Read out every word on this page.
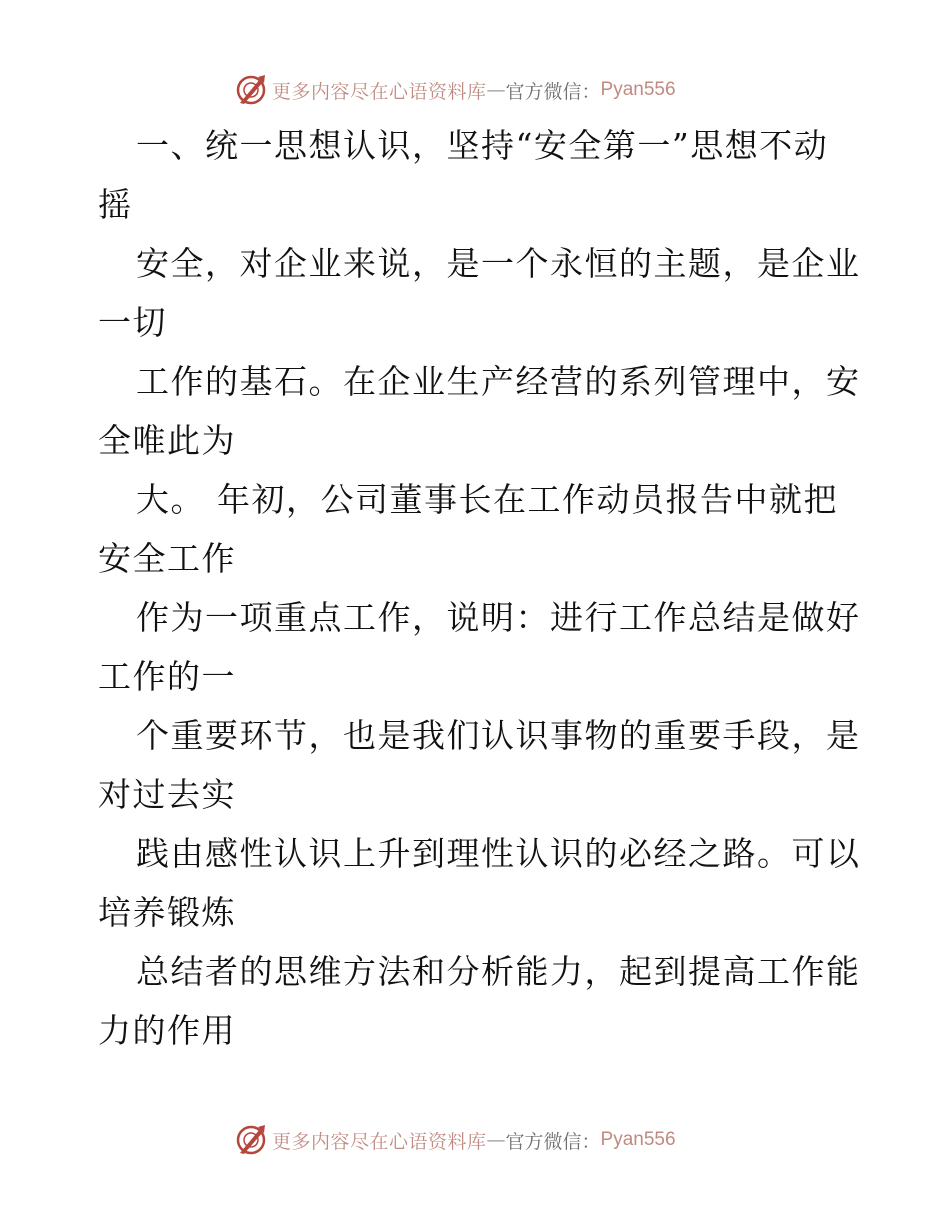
更多内容尽在心语资料库 — 官方微信： Pyan556
一、统一思想认识，坚持“安全第一”思想不动
摇
安全，对企业来说，是一个永恒的主题，是企业
一切
工作的基石。在企业生产经营的系列管理中，安
全唯此为
大。 年初，公司董事长在工作动员报告中就把
安全工作
作为一项重点工作，说明：进行工作总结是做好
工作的一
个重要环节，也是我们认识事物的重要手段，是
对过去实
践由感性认识上升到理性认识的必经之路。可以
培养锻炼
总结者的思维方法和分析能力，起到提高工作能
力的作用
更多内容尽在心语资料库 — 官方微信： Pyan556
